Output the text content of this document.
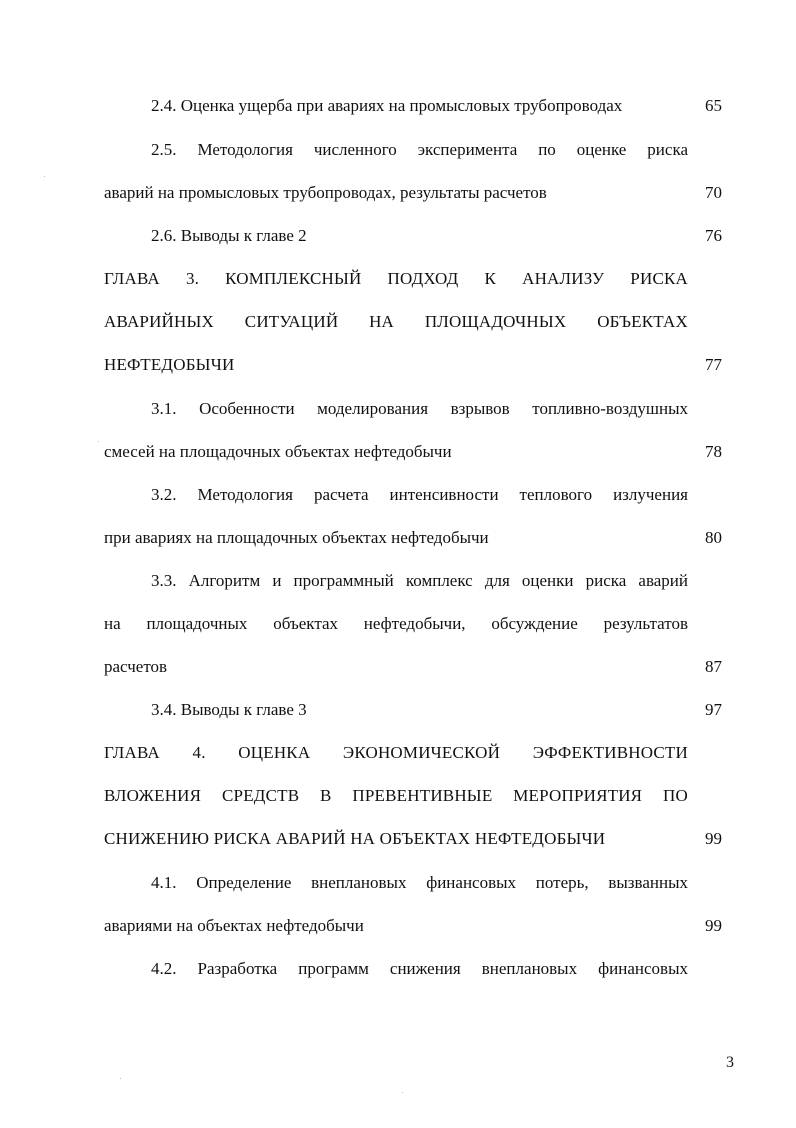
2.4. Оценка ущерба при авариях на промысловых трубопроводах	65
2.5. Методология численного эксперимента по оценке риска
аварий на промысловых трубопроводах, результаты расчетов	70
2.6. Выводы к главе 2	76
ГЛАВА 3. КОМПЛЕКСНЫЙ ПОДХОД К АНАЛИЗУ РИСКА
АВАРИЙНЫХ СИТУАЦИЙ НА ПЛОЩАДОЧНЫХ ОБЪЕКТАХ
НЕФТЕДОБЫЧИ	77
3.1. Особенности моделирования взрывов топливно-воздушных
смесей на площадочных объектах нефтедобычи	78
3.2. Методология расчета интенсивности теплового излучения
при авариях на площадочных объектах нефтедобычи	80
3.3. Алгоритм и программный комплекс для оценки риска аварий
на площадочных объектах нефтедобычи, обсуждение результатов
расчетов	87
3.4. Выводы к главе 3	97
ГЛАВА 4. ОЦЕНКА ЭКОНОМИЧЕСКОЙ ЭФФЕКТИВНОСТИ
ВЛОЖЕНИЯ СРЕДСТВ В ПРЕВЕНТИВНЫЕ МЕРОПРИЯТИЯ ПО
СНИЖЕНИЮ РИСКА АВАРИЙ НА ОБЪЕКТАХ НЕФТЕДОБЫЧИ	99
4.1. Определение внеплановых финансовых потерь, вызванных
авариями на объектах нефтедобычи	99
4.2. Разработка программ снижения внеплановых финансовых
3
